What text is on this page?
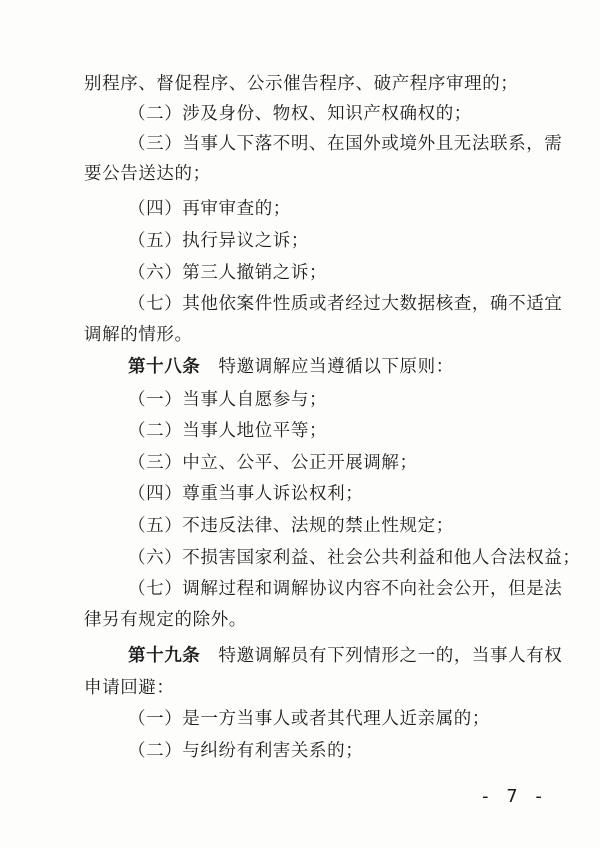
别程序、督促程序、公示催告程序、破产程序审理的；
（二）涉及身份、物权、知识产权确权的；
（三）当事人下落不明、在国外或境外且无法联系，需
要公告送达的；
（四）再审审查的；
（五）执行异议之诉；
（六）第三人撤销之诉；
（七）其他依案件性质或者经过大数据核查，确不适宜
调解的情形。
第十八条　 特邀调解应当遵循以下原则：
（一）当事人自愿参与；
（二）当事人地位平等；
（三）中立、公平、公正开展调解；
（四）尊重当事人诉讼权利；
（五）不违反法律、法规的禁止性规定；
（六）不损害国家利益、社会公共利益和他人合法权益；
（七）调解过程和调解协议内容不向社会公开，但是法
律另有规定的除外。
第十九条　 特邀调解员有下列情形之一的，当事人有权
申请回避：
（一）是一方当事人或者其代理人近亲属的；
（二）与纠纷有利害关系的；
- 7 -
